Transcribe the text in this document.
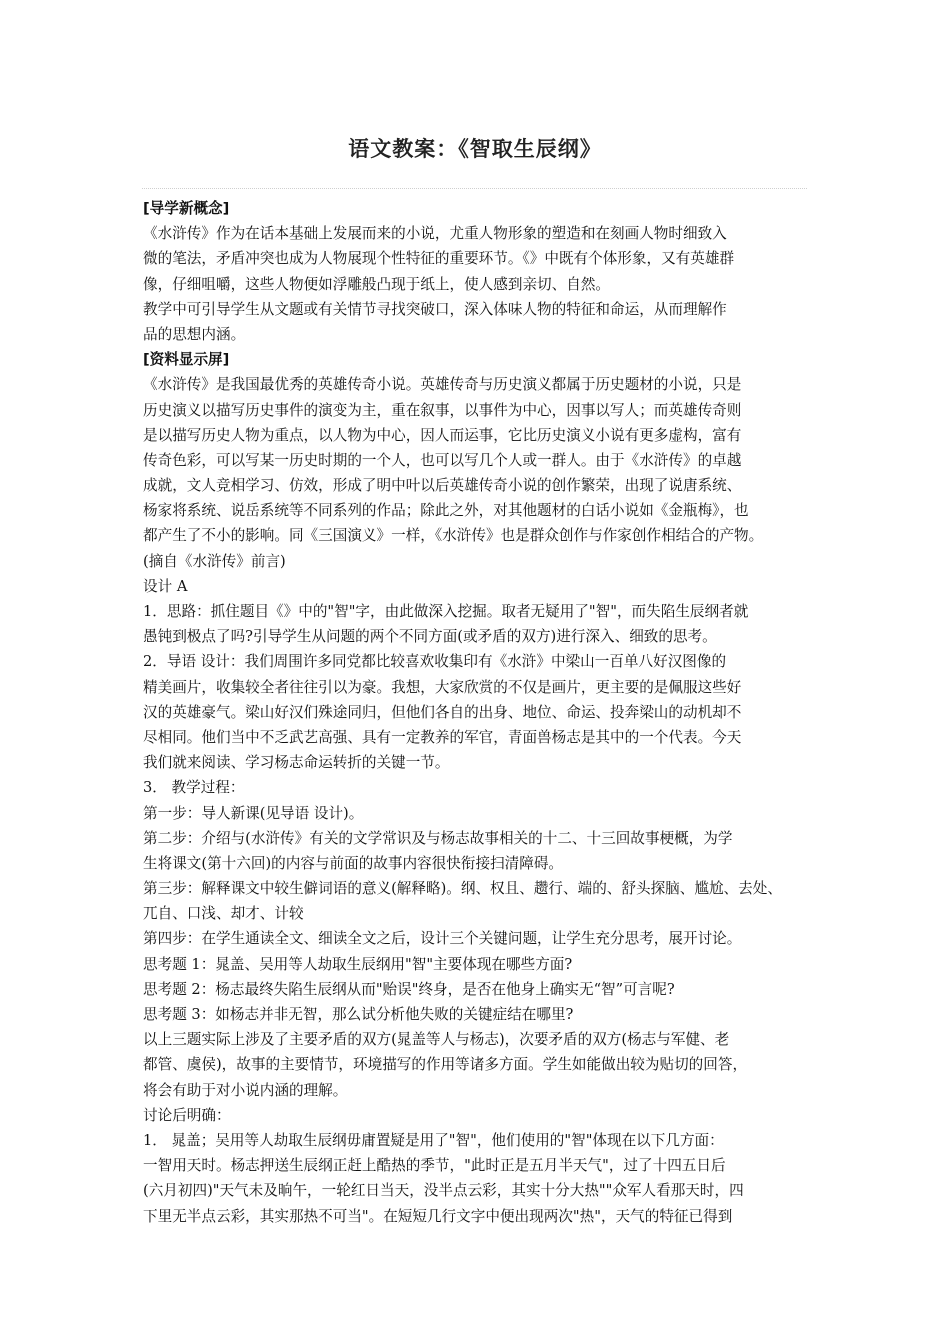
语文教案：《智取生辰纲》
[导学新概念]
《水浒传》作为在话本基础上发展而来的小说，尤重人物形象的塑造和在刻画人物时细致入
微的笔法，矛盾冲突也成为人物展现个性特征的重要环节。《》中既有个体形象，又有英雄群
像，仔细咀嚼，这些人物便如浮雕般凸现于纸上，使人感到亲切、自然。
教学中可引导学生从文题或有关情节寻找突破口，深入体味人物的特征和命运，从而理解作
品的思想内涵。
[资料显示屏]
《水浒传》是我国最优秀的英雄传奇小说。英雄传奇与历史演义都属于历史题材的小说，只是
历史演义以描写历史事件的演变为主，重在叙事，以事件为中心，因事以写人；而英雄传奇则
是以描写历史人物为重点，以人物为中心，因人而运事，它比历史演义小说有更多虚构，富有
传奇色彩，可以写某一历史时期的一个人，也可以写几个人或一群人。由于《水浒传》的卓越
成就，文人竞相学习、仿效，形成了明中叶以后英雄传奇小说的创作繁荣，出现了说唐系统、
杨家将系统、说岳系统等不同系列的作品；除此之外，对其他题材的白话小说如《金瓶梅》，也
都产生了不小的影响。同《三国演义》一样，《水浒传》也是群众创作与作家创作相结合的产物。
(摘自《水浒传》前言)
设计 A
1．思路：抓住题目《》中的"智"字，由此做深入挖掘。取者无疑用了"智"，而失陷生辰纲者就
愚钝到极点了吗?引导学生从问题的两个不同方面(或矛盾的双方)进行深入、细致的思考。
2．导语 设计：我们周围许多同党都比较喜欢收集印有《水浒》中梁山一百单八好汉图像的
精美画片，收集较全者往往引以为豪。我想，大家欣赏的不仅是画片，更主要的是佩服这些好
汉的英雄豪气。梁山好汉们殊途同归，但他们各自的出身、地位、命运、投奔梁山的动机却不
尽相同。他们当中不乏武艺高强、具有一定教养的军官，青面兽杨志是其中的一个代表。今天
我们就来阅读、学习杨志命运转折的关键一节。
3． 教学过程：
第一步：导人新课(见导语 设计)。
第二步：介绍与(水浒传》有关的文学常识及与杨志故事相关的十二、十三回故事梗概，为学
生将课文(第十六回)的内容与前面的故事内容很快衔接扫清障碍。
第三步：解释课文中较生僻词语的意义(解释略)。纲、权且、趱行、端的、舒头探脑、尴尬、去处、
兀自、口浅、却才、计较
第四步：在学生通读全文、细读全文之后，设计三个关键问题，让学生充分思考，展开讨论。
思考题 1：晁盖、吴用等人劫取生辰纲用"智"主要体现在哪些方面?
思考题 2：杨志最终失陷生辰纲从而"贻误"终身，是否在他身上确实无“智”可言呢?
思考题 3：如杨志并非无智，那么试分析他失败的关键症结在哪里?
以上三题实际上涉及了主要矛盾的双方(晁盖等人与杨志)，次要矛盾的双方(杨志与军健、老
都管、虞侯)，故事的主要情节，环境描写的作用等诸多方面。学生如能做出较为贴切的回答，
将会有助于对小说内涵的理解。
讨论后明确：
1． 晁盖；吴用等人劫取生辰纲毋庸置疑是用了"智"，他们使用的"智"体现在以下几方面：
一智用天时。杨志押送生辰纲正赶上酷热的季节，"此时正是五月半天气"，过了十四五日后
(六月初四)"天气未及晌午，一轮红日当天，没半点云彩，其实十分大热""众军人看那天时，四
下里无半点云彩，其实那热不可当"。在短短几行文字中便出现两次"热"，天气的特征已得到
